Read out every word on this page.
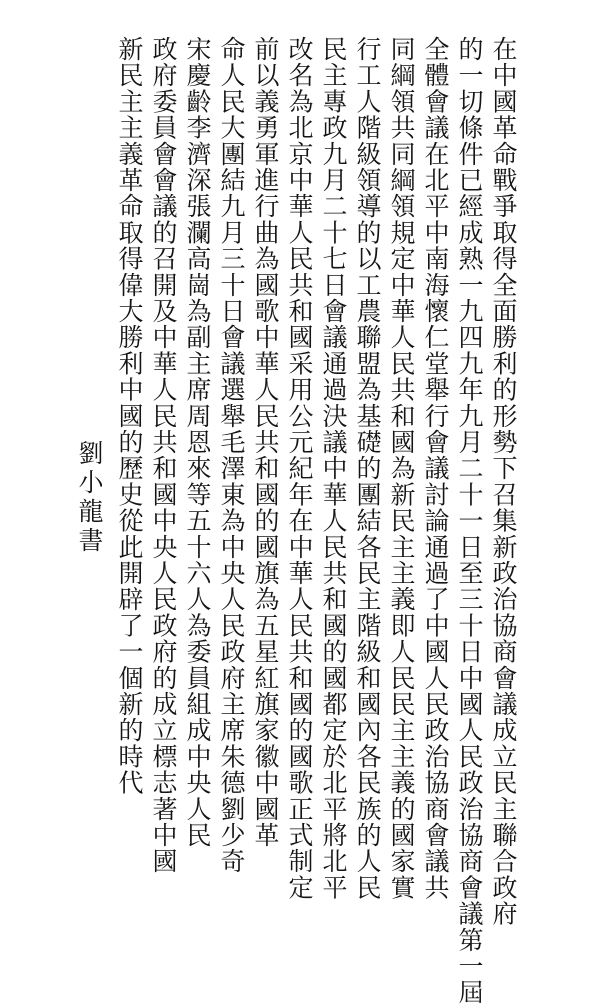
在中國革命戰爭取得全面勝利的形勢下召集新政治協商會議成立民主聯合政府
的一切條件已經成熟一九四九年九月二十一日至三十日中國人民政治協商會議第一屆
全體會議在北平中南海懷仁堂舉行會議討論通過了中國人民政治協商會議共
同綱領共同綱領規定中華人民共和國為新民主主義即人民民主主義的國家實
行工人階級領導的以工農聯盟為基礎的團結各民主階級和國內各民族的人民
民主專政九月二十七日會議通過決議中華人民共和國的國都定於北平將北平
改名為北京中華人民共和國采用公元紀年在中華人民共和國的國歌正式制定
前以義勇軍進行曲為國歌中華人民共和國的國旗為五星紅旗家徽中國革
命人民大團結九月三十日會議選舉毛澤東為中央人民政府主席朱德劉少奇
宋慶齡李濟深張瀾高崗為副主席周恩來等五十六人為委員組成中央人民
政府委員會會議的召開及中華人民共和國中央人民政府的成立標志著中國
新民主主義革命取得偉大勝利中國的歷史從此開辟了一個新的時代
劉小龍書
